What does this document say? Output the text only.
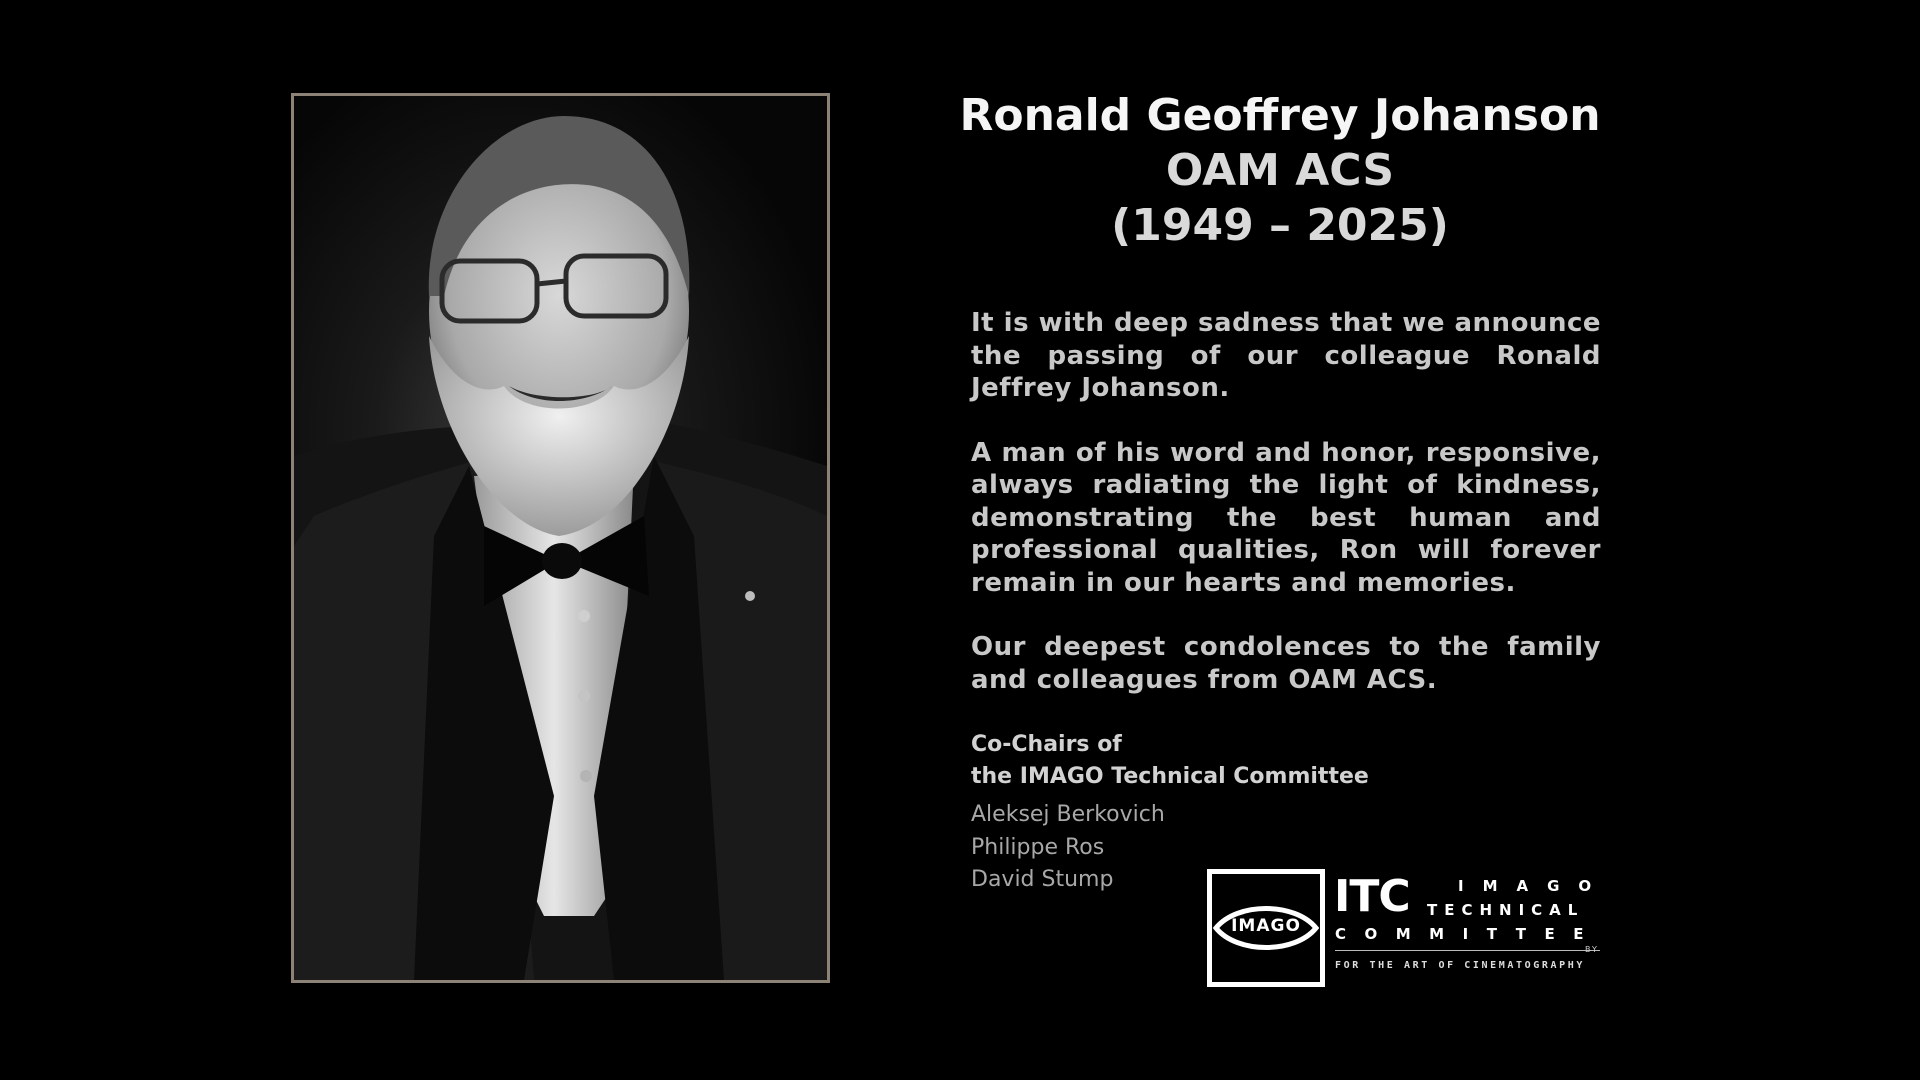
Ronald Geoffrey Johanson
OAM ACS
(1949 – 2025)

It is with deep sadness that we announce the passing of our colleague Ronald Jeffrey Johanson.

A man of his word and honor, responsive, always radiating the light of kindness, demonstrating the best human and professional qualities, Ron will forever remain in our hearts and memories.

Our deepest condolences to the family and colleagues from OAM ACS.

Co-Chairs of
the IMAGO Technical Committee
Aleksej Berkovich
Philippe Ros
David Stump
IMAGO
ITC	IMAGO
TECHNICAL
COMMITTEE
BY
FOR THE ART OF CINEMATOGRAPHY
